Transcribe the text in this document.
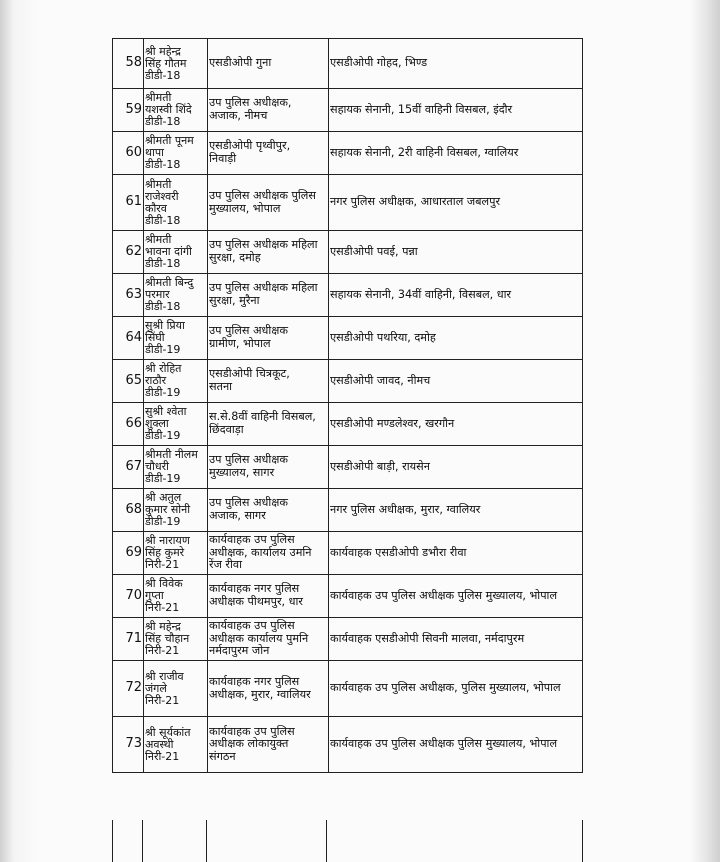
58	श्री महेन्द्र
सिंह गौतम
डीडी-18	एसडीओपी गुना	एसडीओपी गोहद, भिण्ड
59	श्रीमती
यशस्वी शिंदे
डीडी-18	उप पुलिस अधीक्षक,
अजाक, नीमच	सहायक सेनानी, 15वीं वाहिनी विसबल, इंदौर
60	श्रीमती पूनम
थापा
डीडी-18	एसडीओपी पृथ्वीपुर,
निवाड़ी	सहायक सेनानी, 2री वाहिनी विसबल, ग्वालियर
61	श्रीमती
राजेश्वरी
कौरव
डीडी-18	उप पुलिस अधीक्षक पुलिस
मुख्यालय, भोपाल	नगर पुलिस अधीक्षक, आधारताल जबलपुर
62	श्रीमती
भावना दांगी
डीडी-18	उप पुलिस अधीक्षक महिला
सुरक्षा, दमोह	एसडीओपी पवई, पन्ना
63	श्रीमती बिन्दु
परमार
डीडी-18	उप पुलिस अधीक्षक महिला
सुरक्षा, मुरैना	सहायक सेनानी, 34वीं वाहिनी, विसबल, धार
64	सुश्री प्रिया
सिंघी
डीडी-19	उप पुलिस अधीक्षक
ग्रामीण, भोपाल	एसडीओपी पथरिया, दमोह
65	श्री रोहित
राठौर
डीडी-19	एसडीओपी चित्रकूट,
सतना	एसडीओपी जावद, नीमच
66	सुश्री श्वेता
शुक्ला
डीडी-19	स.से.8वीं वाहिनी विसबल,
छिंदवाड़ा	एसडीओपी मण्डलेश्वर, खरगौन
67	श्रीमती नीलम
चौधरी
डीडी-19	उप पुलिस अधीक्षक
मुख्यालय, सागर	एसडीओपी बाड़ी, रायसेन
68	श्री अतुल
कुमार सोनी
डीडी-19	उप पुलिस अधीक्षक
अजाक, सागर	नगर पुलिस अधीक्षक, मुरार, ग्वालियर
69	श्री नारायण
सिंह कुमरे
निरी-21	कार्यवाहक उप पुलिस
अधीक्षक, कार्यालय उमनि
रेंज रीवा	कार्यवाहक एसडीओपी डभौरा रीवा
70	श्री विवेक
गुप्ता
निरी-21	कार्यवाहक नगर पुलिस
अधीक्षक पीथमपुर, धार	कार्यवाहक उप पुलिस अधीक्षक पुलिस मुख्यालय, भोपाल
71	श्री महेन्द्र
सिंह चौहान
निरी-21	कार्यवाहक उप पुलिस
अधीक्षक कार्यालय पुमनि
नर्मदापुरम जोन	कार्यवाहक एसडीओपी सिवनी मालवा, नर्मदापुरम
72	श्री राजीव
जंगले
निरी-21	कार्यवाहक नगर पुलिस
अधीक्षक, मुरार, ग्वालियर	कार्यवाहक उप पुलिस अधीक्षक, पुलिस मुख्यालय, भोपाल
73	श्री सूर्यकांत
अवस्थी
निरी-21	कार्यवाहक उप पुलिस
अधीक्षक लोकायुक्त
संगठन	कार्यवाहक उप पुलिस अधीक्षक पुलिस मुख्यालय, भोपाल
